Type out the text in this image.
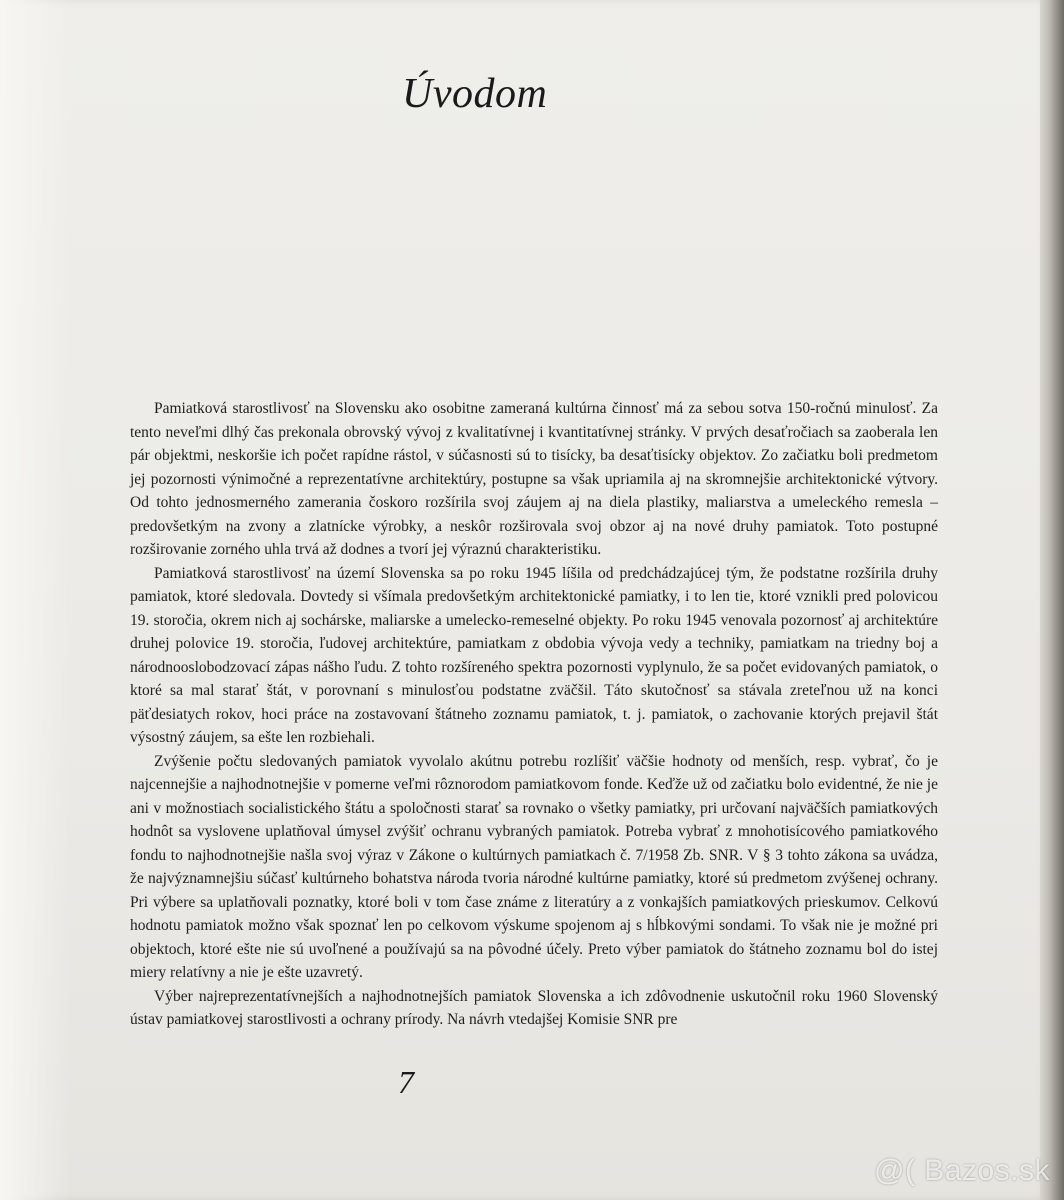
Úvodom

Pamiatková starostlivosť na Slovensku ako osobitne zameraná kultúrna činnosť má za sebou sotva 150-ročnú minulosť. Za tento neveľmi dlhý čas prekonala obrovský vývoj z kvalitatívnej i kvantitatívnej stránky. V prvých desaťročiach sa zaoberala len pár objektmi, neskoršie ich počet rapídne rástol, v súčasnosti sú to tisícky, ba desaťtisícky objektov. Zo začiatku boli predmetom jej pozornosti výnimočné a reprezentatívne architektúry, postupne sa však upriamila aj na skromnejšie architektonické výtvory. Od tohto jednosmerného zamerania čoskoro rozšírila svoj záujem aj na diela plastiky, maliarstva a umeleckého remesla – predovšetkým na zvony a zlatnícke výrobky, a neskôr rozširovala svoj obzor aj na nové druhy pamiatok. Toto postupné rozširovanie zorného uhla trvá až dodnes a tvorí jej výraznú charakteristiku.

Pamiatková starostlivosť na území Slovenska sa po roku 1945 líšila od predchádzajúcej tým, že podstatne rozšírila druhy pamiatok, ktoré sledovala. Dovtedy si všímala predovšetkým architektonické pamiatky, i to len tie, ktoré vznikli pred polovicou 19. storočia, okrem nich aj sochárske, maliarske a umelecko-remeselné objekty. Po roku 1945 venovala pozornosť aj architektúre druhej polovice 19. storočia, ľudovej architektúre, pamiatkam z obdobia vývoja vedy a techniky, pamiatkam na triedny boj a národnooslobodzovací zápas nášho ľudu. Z tohto rozšíreného spektra pozornosti vyplynulo, že sa počet evidovaných pamiatok, o ktoré sa mal starať štát, v porovnaní s minulosťou podstatne zväčšil. Táto skutočnosť sa stávala zreteľnou už na konci päťdesiatych rokov, hoci práce na zostavovaní štátneho zoznamu pamiatok, t. j. pamiatok, o zachovanie ktorých prejavil štát výsostný záujem, sa ešte len rozbiehali.

Zvýšenie počtu sledovaných pamiatok vyvolalo akútnu potrebu rozlíšiť väčšie hodnoty od menších, resp. vybrať, čo je najcennejšie a najhodnotnejšie v pomerne veľmi rôznorodom pamiatkovom fonde. Keďže už od začiatku bolo evidentné, že nie je ani v možnostiach socialistického štátu a spoločnosti starať sa rovnako o všetky pamiatky, pri určovaní najväčších pamiatkových hodnôt sa vyslovene uplatňoval úmysel zvýšiť ochranu vybraných pamiatok. Potreba vybrať z mnohotisícového pamiatkového fondu to najhodnotnejšie našla svoj výraz v Zákone o kultúrnych pamiatkach č. 7/1958 Zb. SNR. V § 3 tohto zákona sa uvádza, že najvýznamnejšiu súčasť kultúrneho bohatstva národa tvoria národné kultúrne pamiatky, ktoré sú predmetom zvýšenej ochrany. Pri výbere sa uplatňovali poznatky, ktoré boli v tom čase známe z literatúry a z vonkajších pamiatkových prieskumov. Celkovú hodnotu pamiatok možno však spoznať len po celkovom výskume spojenom aj s hĺbkovými sondami. To však nie je možné pri objektoch, ktoré ešte nie sú uvoľnené a používajú sa na pôvodné účely. Preto výber pamiatok do štátneho zoznamu bol do istej miery relatívny a nie je ešte uzavretý.

Výber najreprezentatívnejších a najhodnotnejších pamiatok Slovenska a ich zdôvodnenie uskutočnil roku 1960 Slovenský ústav pamiatkovej starostlivosti a ochrany prírody. Na návrh vtedajšej Komisie SNR pre

7
@( Bazos.sk
